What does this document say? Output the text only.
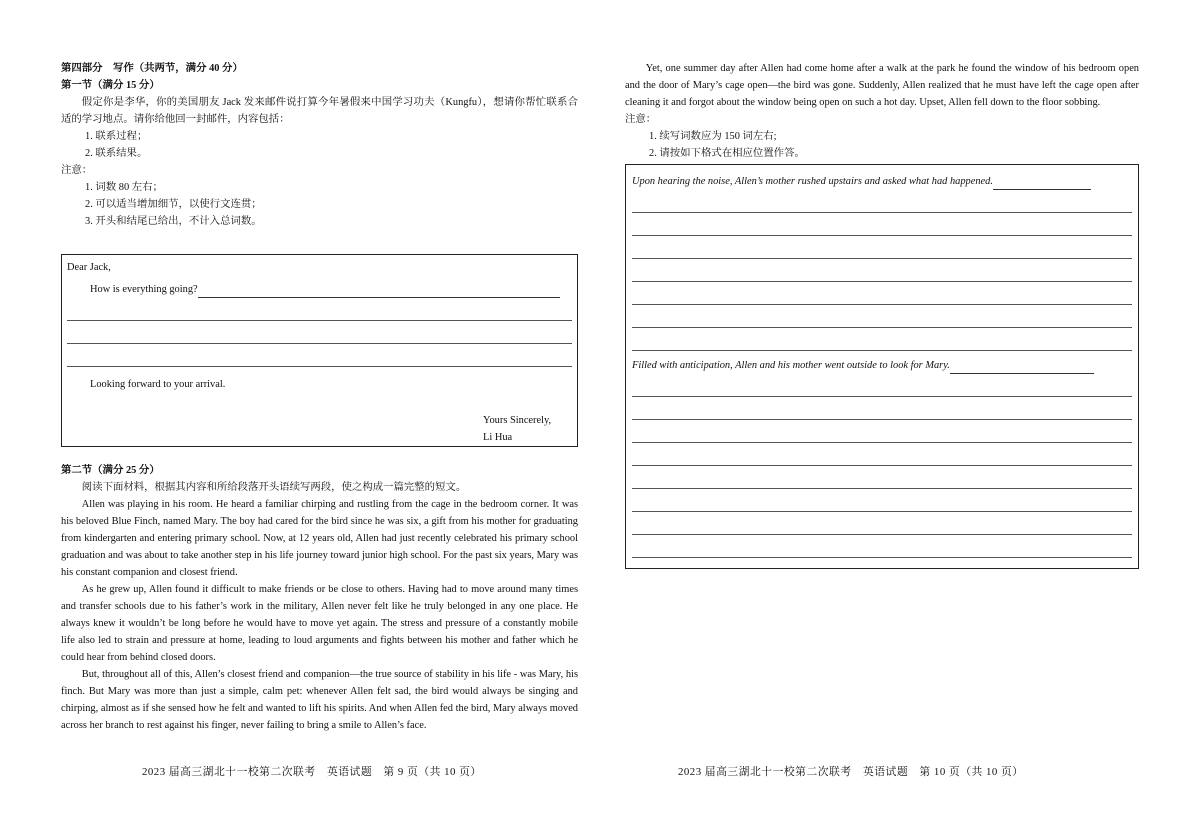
第四部分　写作（共两节，满分 40 分）

第一节（满分 15 分）

假定你是李华，你的美国朋友 Jack 发来邮件说打算今年暑假来中国学习功夫（Kungfu），想请你帮忙联系合适的学习地点。请你给他回一封邮件，内容包括：

1. 联系过程；

2. 联系结果。

注意：

1. 词数 80 左右；

2. 可以适当增加细节，以使行文连贯；

3. 开头和结尾已给出，不计入总词数。

Dear Jack,

How is everything going?

Looking forward to your arrival.

Yours Sincerely,

Li Hua

第二节（满分 25 分）

阅读下面材料，根据其内容和所给段落开头语续写两段，使之构成一篇完整的短文。

Allen was playing in his room. He heard a familiar chirping and rustling from the cage in the bedroom corner. It was his beloved Blue Finch, named Mary. The boy had cared for the bird since he was six, a gift from his mother for graduating from kindergarten and entering primary school. Now, at 12 years old, Allen had just recently celebrated his primary school graduation and was about to take another step in his life journey toward junior high school. For the past six years, Mary was his constant companion and closest friend.

As he grew up, Allen found it difficult to make friends or be close to others. Having had to move around many times and transfer schools due to his father’s work in the military, Allen never felt like he truly belonged in any one place. He always knew it wouldn’t be long before he would have to move yet again. The stress and pressure of a constantly mobile life also led to strain and pressure at home, leading to loud arguments and fights between his mother and father which he could hear from behind closed doors.

But, throughout all of this, Allen’s closest friend and companion—the true source of stability in his life - was Mary, his finch. But Mary was more than just a simple, calm pet: whenever Allen felt sad, the bird would always be singing and chirping, almost as if she sensed how he felt and wanted to lift his spirits. And when Allen fed the bird, Mary always moved across her branch to rest against his finger, never failing to bring a smile to Allen’s face.

2023 届高三湖北十一校第二次联考　英语试题　第 9 页（共 10 页）

Yet, one summer day after Allen had come home after a walk at the park he found the window of his bedroom open and the door of Mary’s cage open—the bird was gone. Suddenly, Allen realized that he must have left the cage open after cleaning it and forgot about the window being open on such a hot day. Upset, Allen fell down to the floor sobbing.

注意：

1. 续写词数应为 150 词左右;

2. 请按如下格式在相应位置作答。

Upon hearing the noise, Allen’s mother rushed upstairs and asked what had happened.

Filled with anticipation, Allen and his mother went outside to look for Mary.

2023 届高三湖北十一校第二次联考　英语试题　第 10 页（共 10 页）
